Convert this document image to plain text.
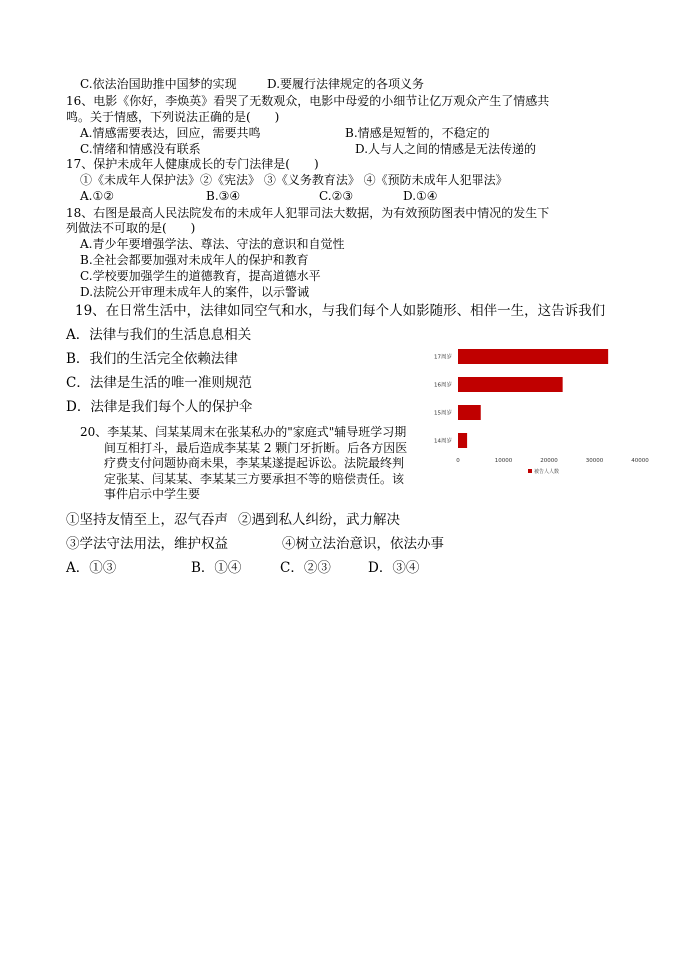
C.依法治国助推中国梦的实现	D.要履行法律规定的各项义务
16、电影《你好，李焕英》看哭了无数观众，电影中母爱的小细节让亿万观众产生了情感共
鸣。关于情感，下列说法正确的是(　　)
A.情感需要表达，回应，需要共鸣	B.情感是短暂的，不稳定的
C.情绪和情感没有联系	D.人与人之间的情感是无法传递的
17、保护未成年人健康成长的专门法律是(　　)
①《未成年人保护法》②《宪法》 ③《义务教育法》 ④《预防未成年人犯罪法》
A.①②	B.③④	C.②③	D.①④
18、右图是最高人民法院发布的未成年人犯罪司法大数据，为有效预防图表中情况的发生下
列做法不可取的是(　　)
A.青少年要增强学法、尊法、守法的意识和自觉性
B.全社会都要加强对未成年人的保护和教育
C.学校要加强学生的道德教育，提高道德水平
D.法院公开审理未成年人的案件，以示警诫
19、在日常生活中，法律如同空气和水，与我们每个人如影随形、相伴一生，这告诉我们
A．法律与我们的生活息息相关
B．我们的生活完全依赖法律
C．法律是生活的唯一准则规范
D．法律是我们每个人的保护伞

20、李某某、闫某某周末在张某私办的"家庭式"辅导班学习期间互相打斗，最后造成李某某 2 颗门牙折断。后各方因医疗费支付问题协商未果，李某某遂提起诉讼。法院最终判定张某、闫某某、李某某三方要承担不等的赔偿责任。该事件启示中学生要

①坚持友情至上，忍气吞声 ②遇到私人纠纷，武力解决
③学法守法用法，维护权益	④树立法治意识，依法办事
A．①③	B．①④	C．②③	D．③④
17周岁
16周岁
15周岁
14周岁
0	10000	20000	30000	40000
被告人人数
